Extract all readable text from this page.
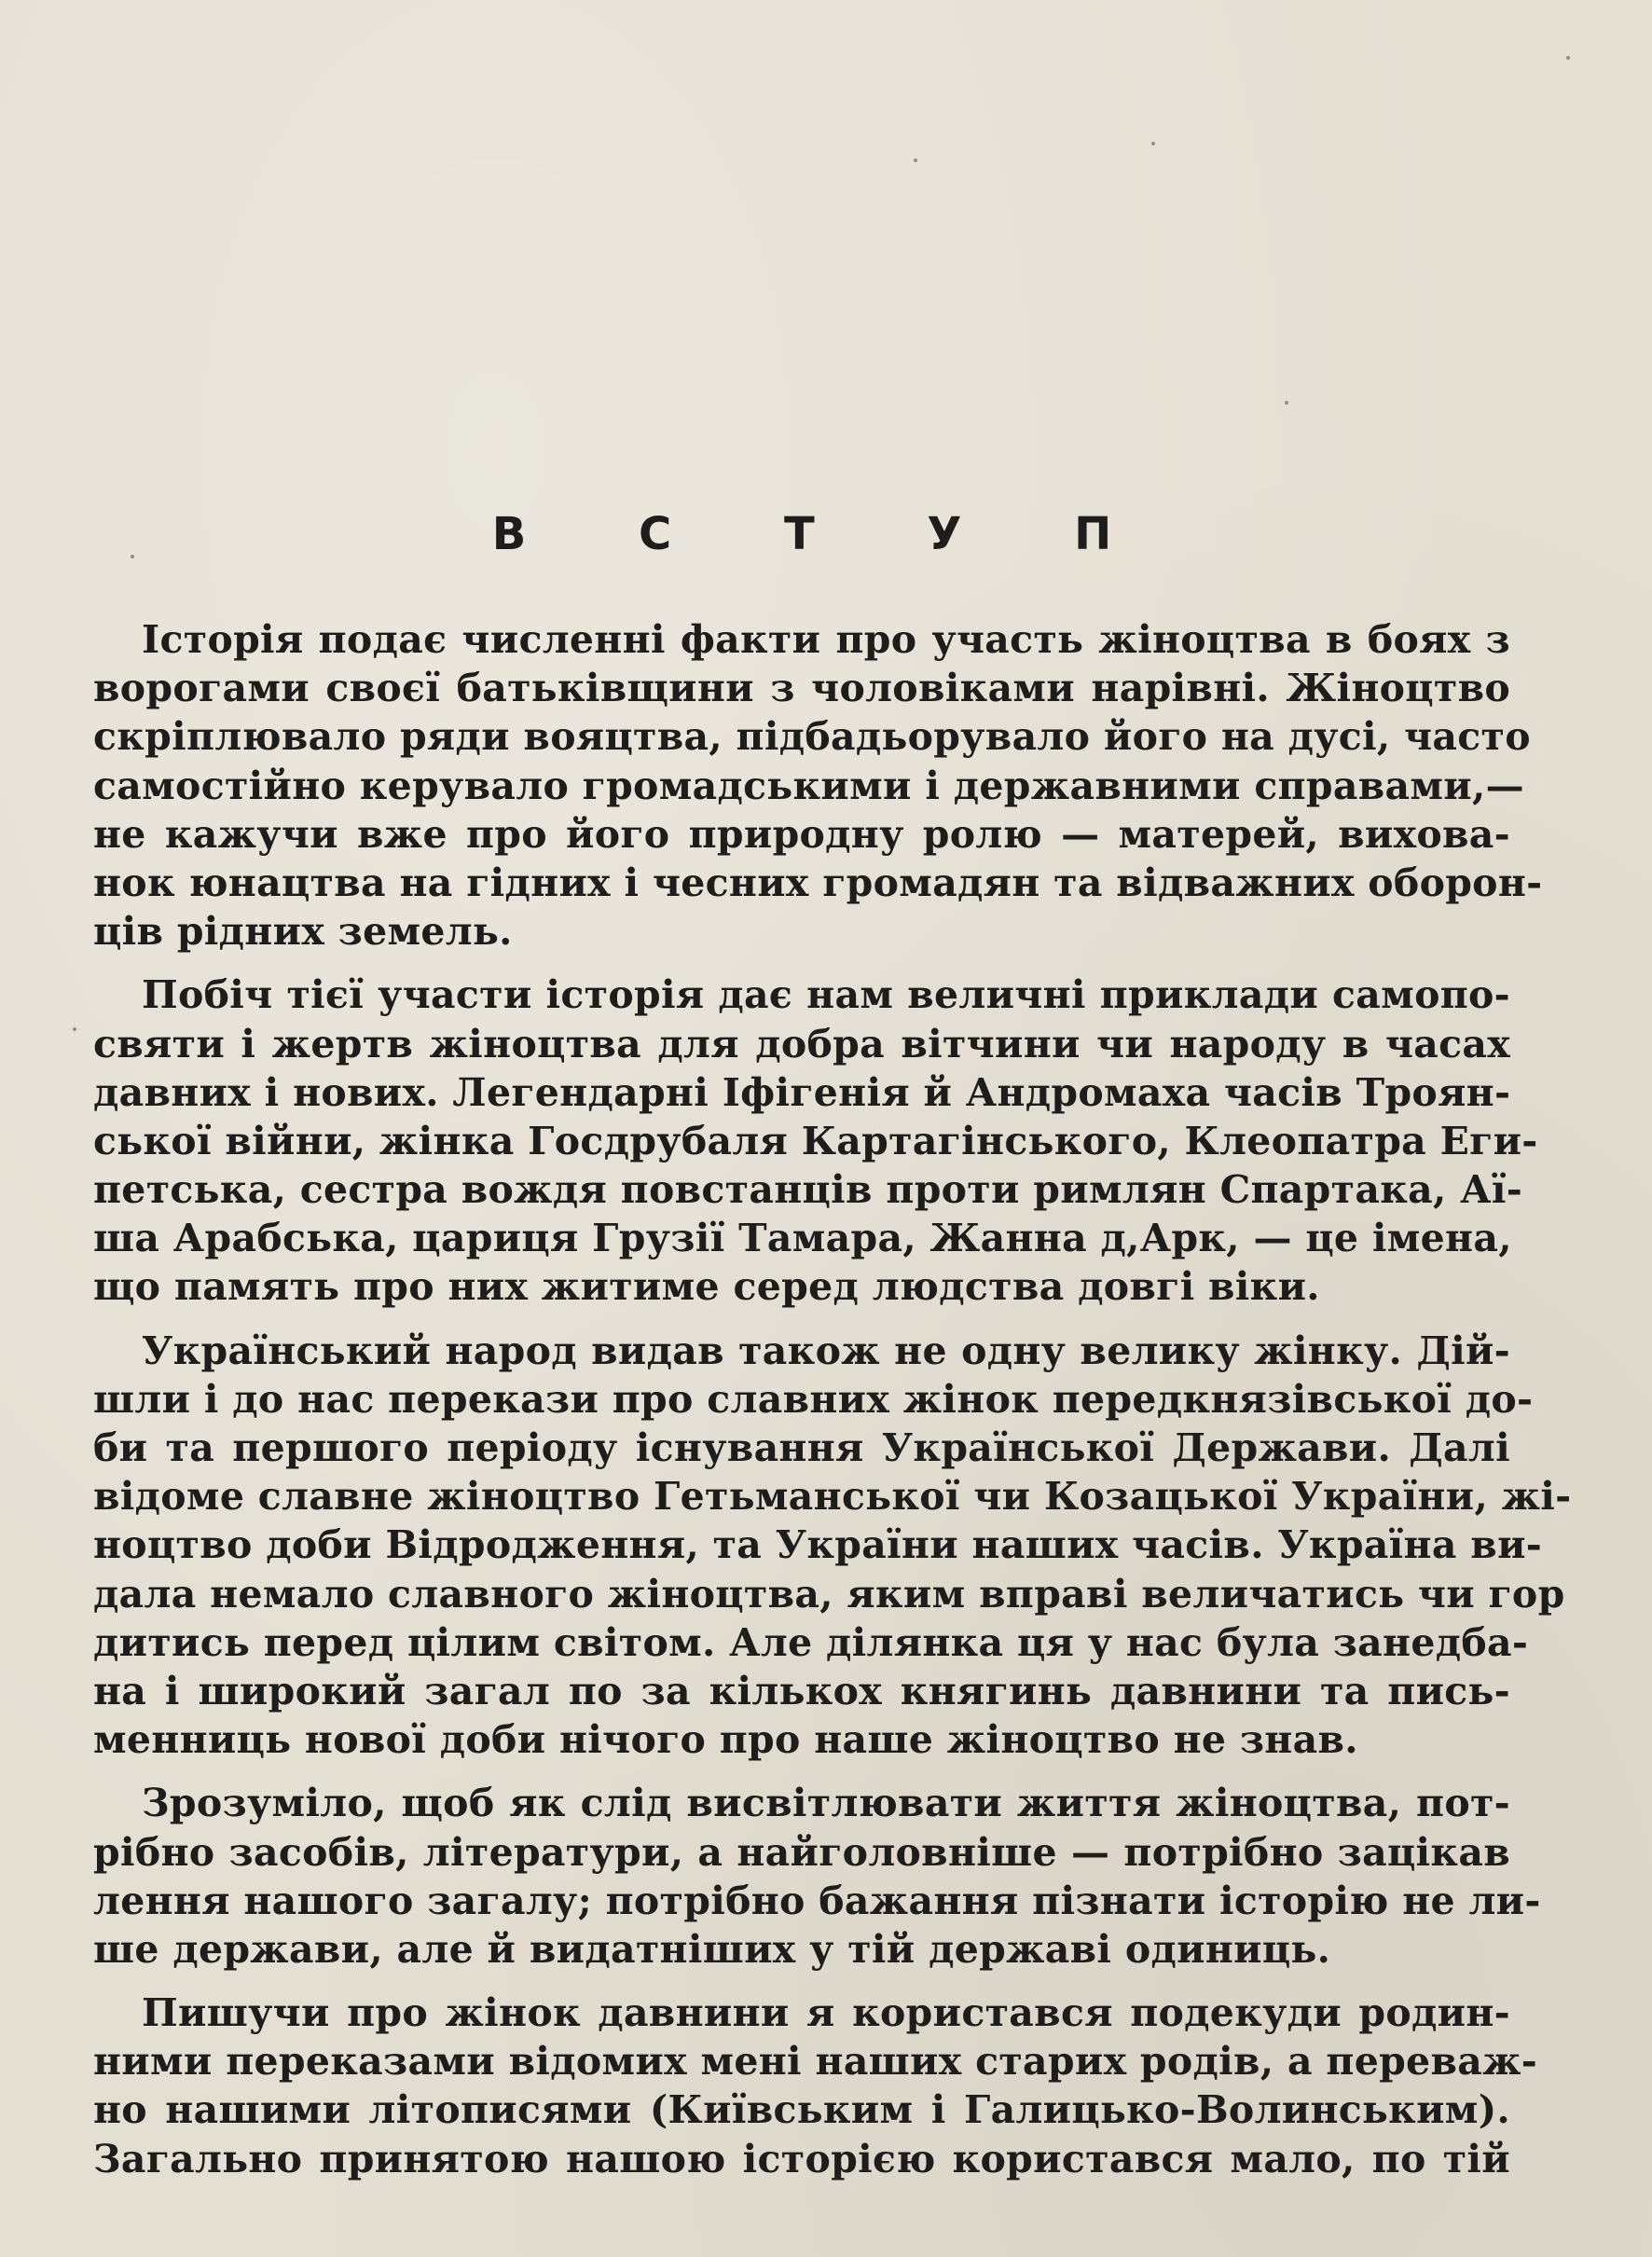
В С Т У П
Історія подає численні факти про участь жіноцтва в боях з
ворогами своєї батьківщини з чоловіками нарівні. Жіноцтво
скріплювало ряди вояцтва, підбадьорувало його на дусі, часто
самостійно керувало громадськими і державними справами,—
не кажучи вже про його природну ролю — матерей, вихова-
нок юнацтва на гідних і чесних громадян та відважних оборон-
ців рідних земель.
Побіч тієї участи історія дає нам величні приклади самопо-
святи і жертв жіноцтва для добра вітчини чи народу в часах
давних і нових. Легендарні Іфігенія й Андромаха часів Троян-
ської війни, жінка Госдрубаля Картагінського, Клеопатра Еги-
петська, сестра вождя повстанців проти римлян Спартака, Аї-
ша Арабська, цариця Грузії Тамара, Жанна д,Арк, — це імена,
що память про них житиме серед людства довгі віки.
Український народ видав також не одну велику жінку. Дій-
шли і до нас перекази про славних жінок передкнязівської до-
би та першого періоду існування Української Держави. Далі
відоме славне жіноцтво Гетьманської чи Козацької України, жі-
ноцтво доби Відродження, та України наших часів. Україна ви-
дала немало славного жіноцтва, яким вправі величатись чи гор
дитись перед цілим світом. Але ділянка ця у нас була занедба-
на і широкий загал по за кількох княгинь давнини та пись-
менниць нової доби нічого про наше жіноцтво не знав.
Зрозуміло, щоб як слід висвітлювати життя жіноцтва, пот-
рібно засобів, літератури, а найголовніше — потрібно зацікав
лення нашого загалу; потрібно бажання пізнати історію не ли-
ше держави, але й видатніших у тій державі одиниць.
Пишучи про жінок давнини я користався подекуди родин-
ними переказами відомих мені наших старих родів, а переваж-
но нашими літописями (Київським і Галицько-Волинським).
Загально принятою нашою історією користався мало, по тій
